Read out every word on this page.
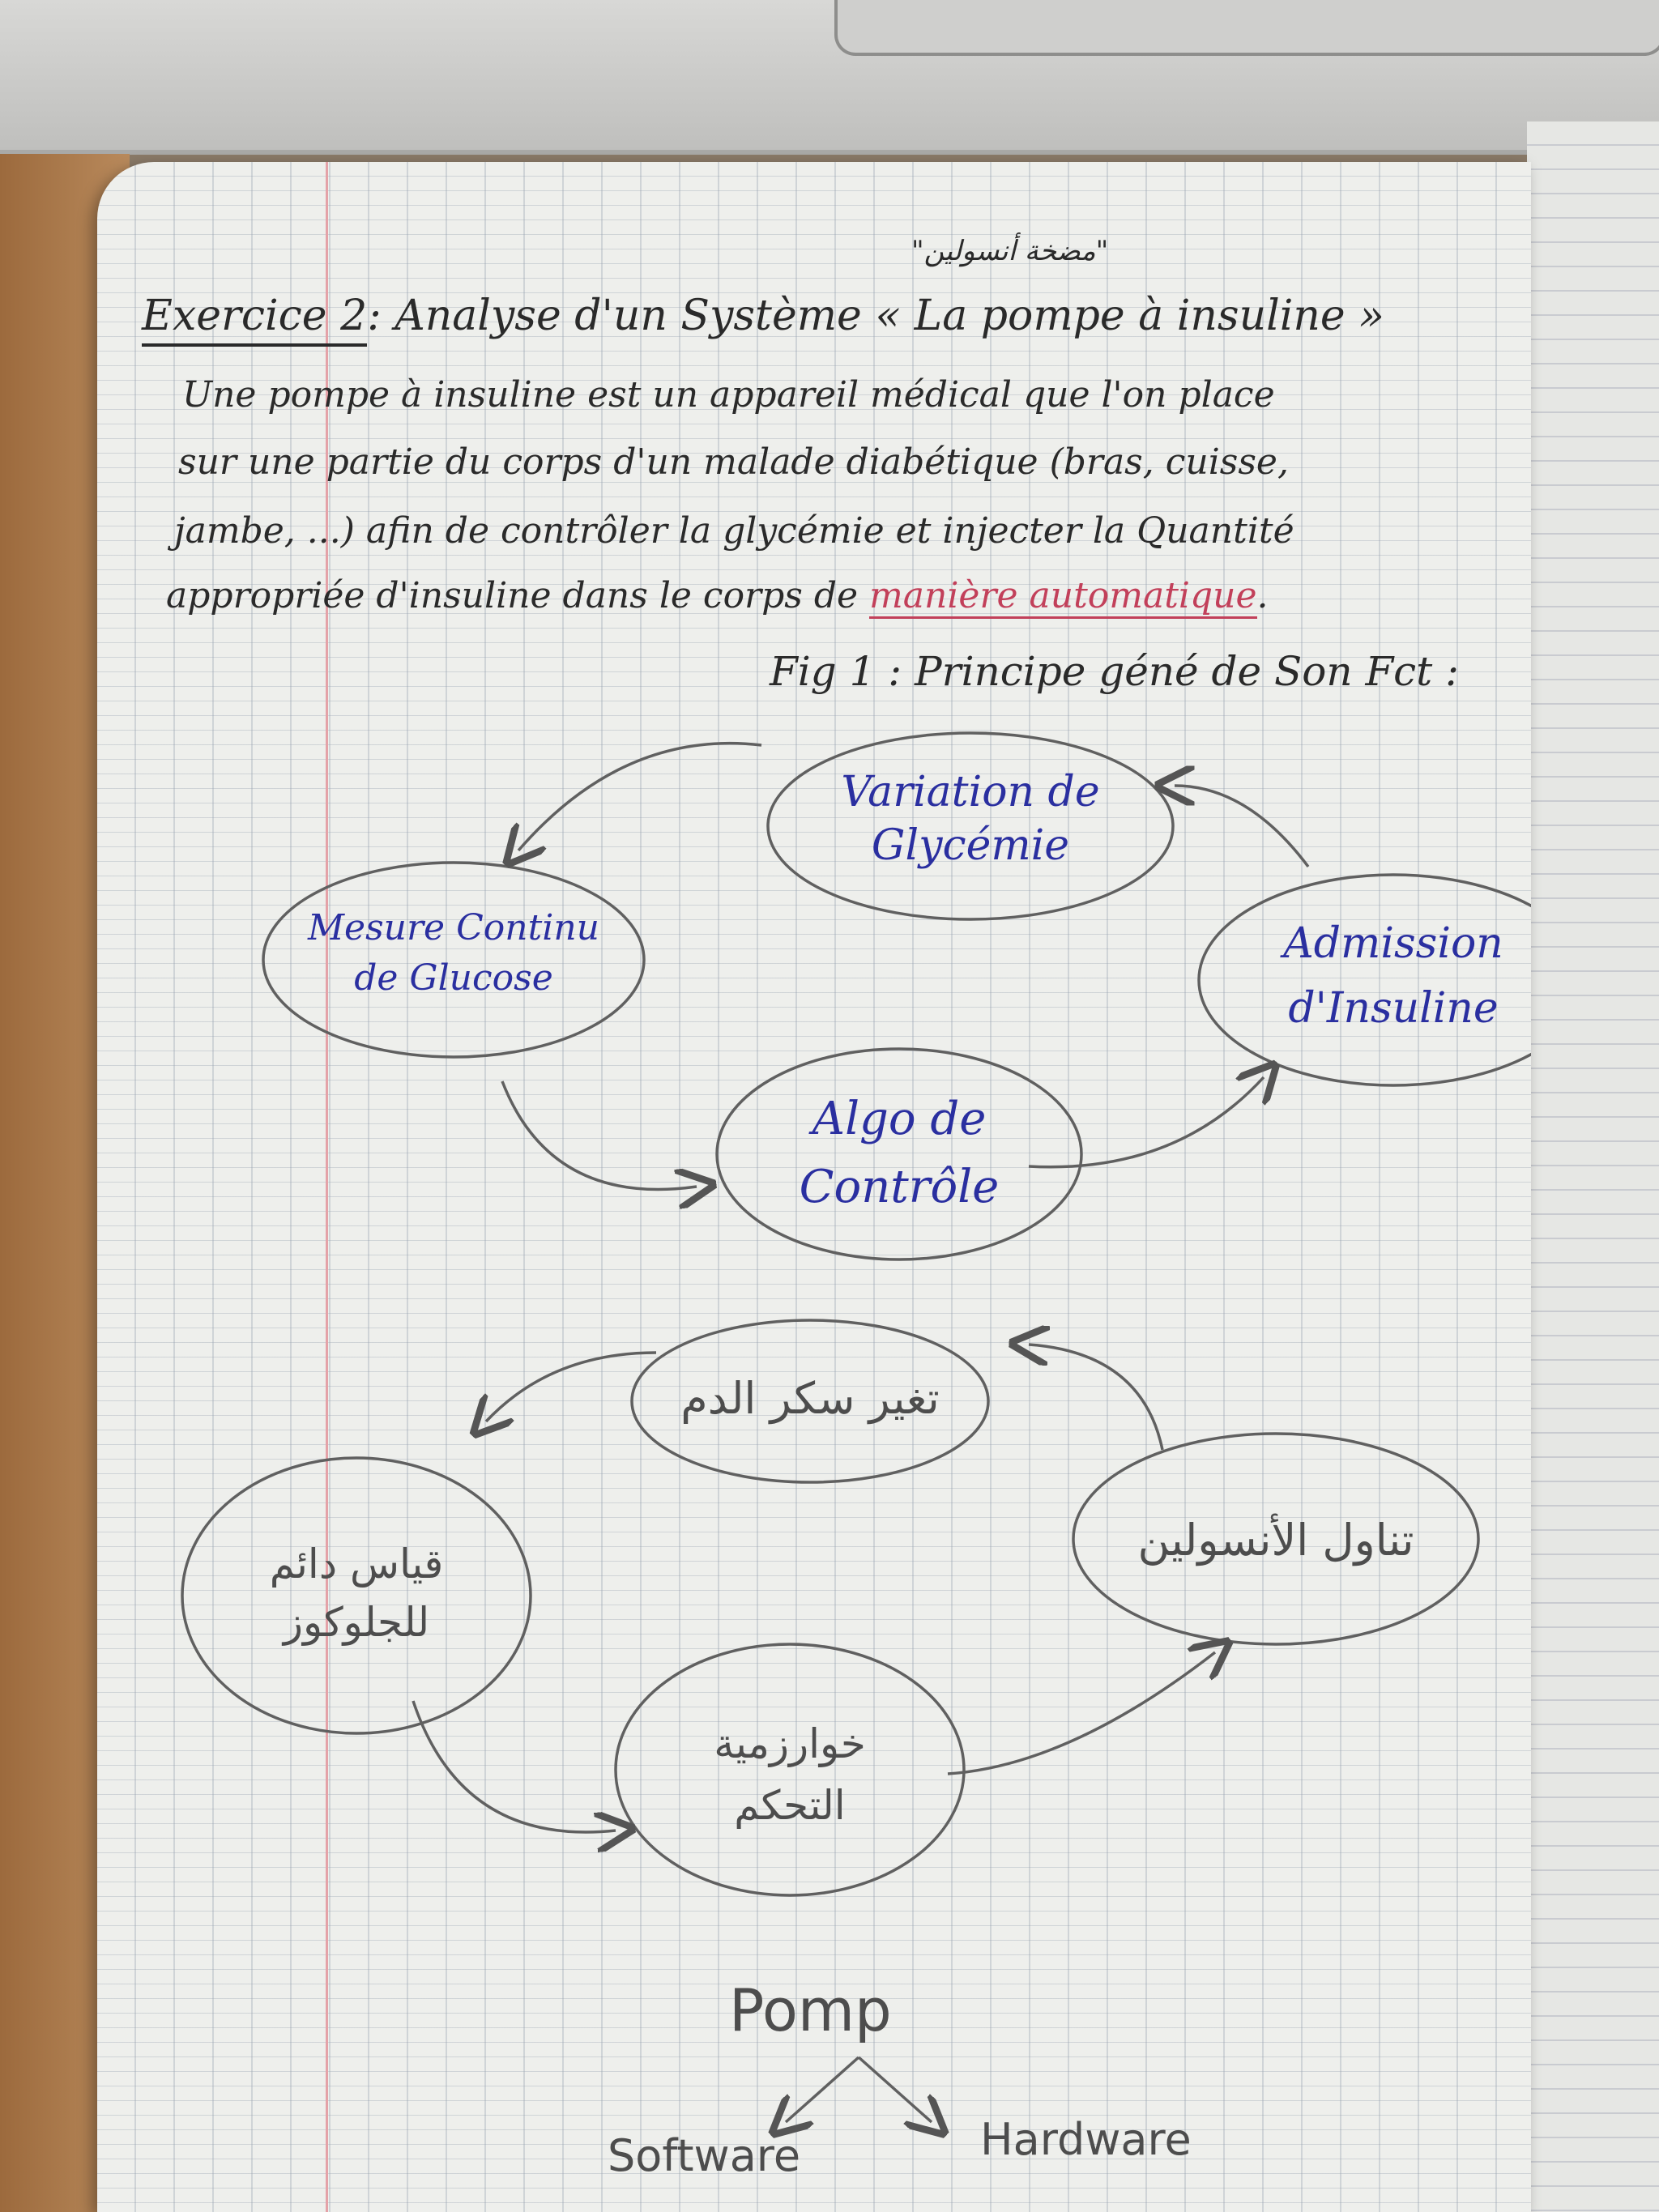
"مضخة أنسولين"
Exercice 2: Analyse d'un Système « La pompe à insuline »
Une pompe à insuline est un appareil médical que l'on place
sur une partie du corps d'un malade diabétique (bras, cuisse,
jambe, ...) afin de contrôler la glycémie et injecter la Quantité
appropriée d'insuline dans le corps de manière automatique.
Fig 1 : Principe géné de Son Fct :
Variation de
Glycémie
Mesure Continu
de Glucose
Admission
d'Insuline
Algo de
Contrôle
تغير سكر الدم
قياس دائم
للجلوكوز
تناول الأنسولين
خوارزمية
التحكم
Pomp
Software	Hardware
